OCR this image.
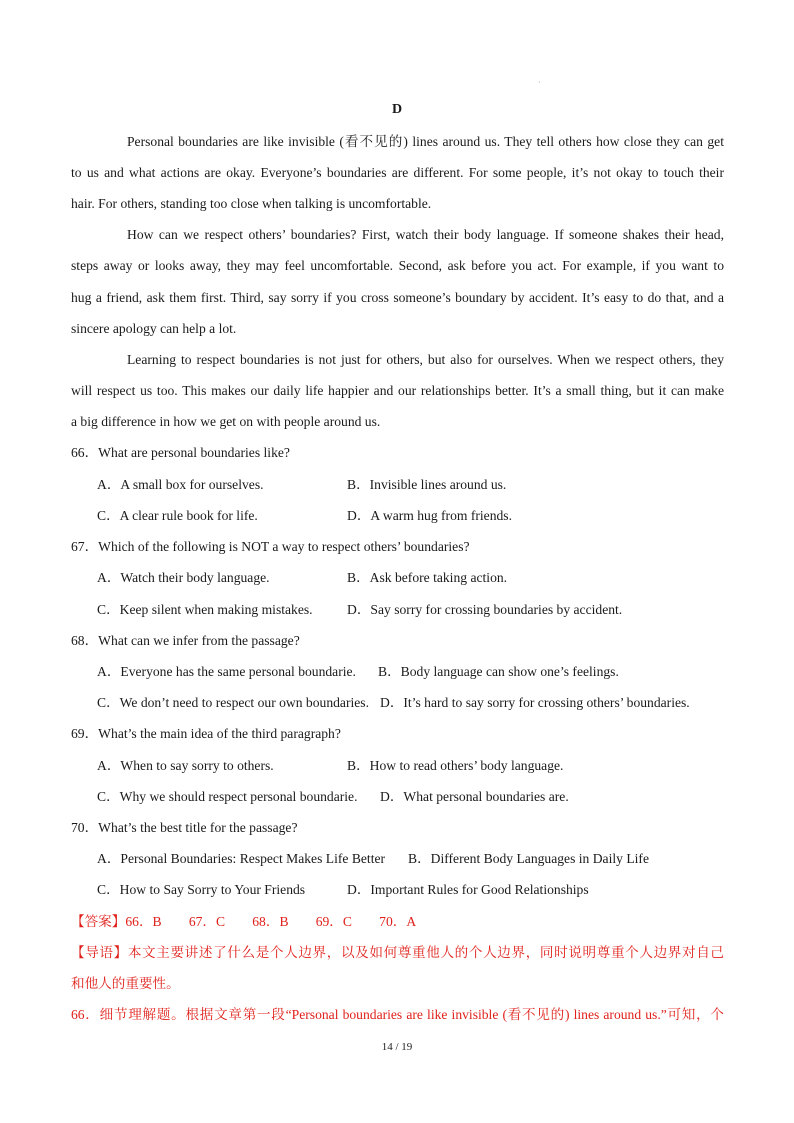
·
D
Personal boundaries are like invisible (看不见的) lines around us. They tell others how close they can get
to us and what actions are okay. Everyone’s boundaries are different. For some people, it’s not okay to touch their
hair. For others, standing too close when talking is uncomfortable.
How can we respect others’ boundaries? First, watch their body language. If someone shakes their head,
steps away or looks away, they may feel uncomfortable. Second, ask before you act. For example, if you want to
hug a friend, ask them first. Third, say sorry if you cross someone’s boundary by accident. It’s easy to do that, and a
sincere apology can help a lot.
Learning to respect boundaries is not just for others, but also for ourselves. When we respect others, they
will respect us too. This makes our daily life happier and our relationships better. It’s a small thing, but it can make
a big difference in how we get on with people around us.
66．What are personal boundaries like?
A．A small box for ourselves.	B．Invisible lines around us.
C．A clear rule book for life.	D．A warm hug from friends.
67．Which of the following is NOT a way to respect others’ boundaries?
A．Watch their body language.	B．Ask before taking action.
C．Keep silent when making mistakes.	D．Say sorry for crossing boundaries by accident.
68．What can we infer from the passage?
A．Everyone has the same personal boundarie. B．Body language can show one’s feelings.
C．We don’t need to respect our own boundaries. D．It’s hard to say sorry for crossing others’ boundaries.
69．What’s the main idea of the third paragraph?
A．When to say sorry to others.	B．How to read others’ body language.
C．Why we should respect personal boundarie. D．What personal boundaries are.
70．What’s the best title for the passage?
A．Personal Boundaries: Respect Makes Life Better B．Different Body Languages in Daily Life
C．How to Say Sorry to Your Friends	D．Important Rules for Good Relationships
【答案】66．B　　67．C　　68．B　　69．C　　70．A
【导语】本文主要讲述了什么是个人边界，以及如何尊重他人的个人边界，同时说明尊重个人边界对自己
和他人的重要性。
66．细节理解题。根据文章第一段“Personal boundaries are like invisible (看不见的) lines around us.”可知，个
14 / 19
